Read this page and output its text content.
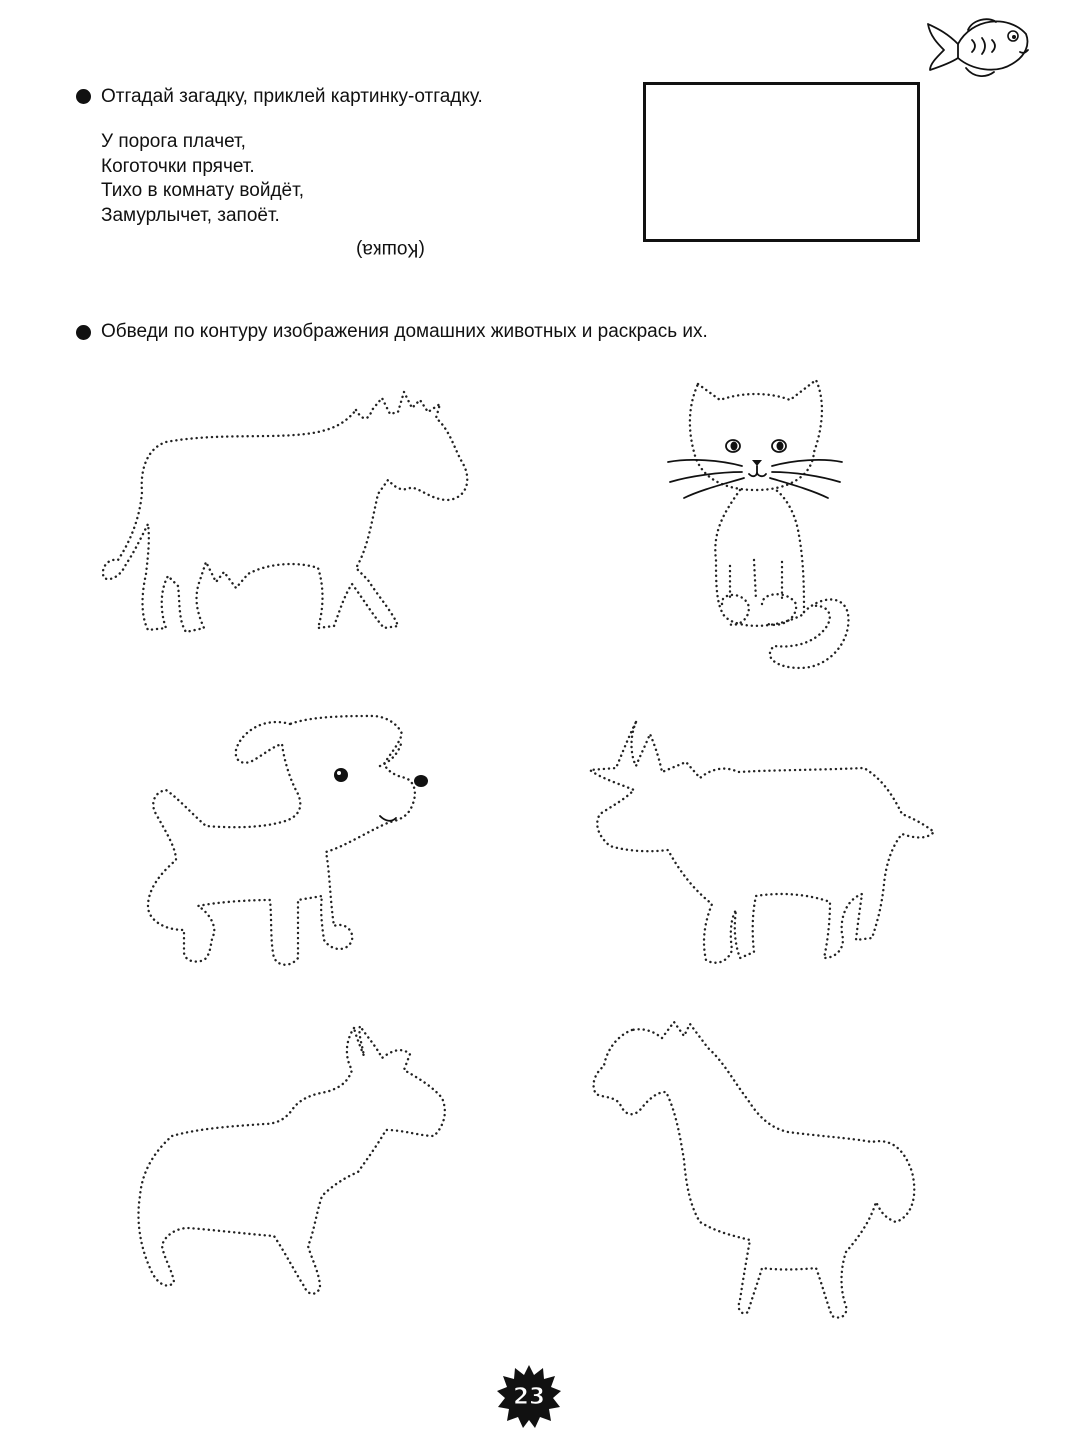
Отгадай загадку, приклей картинку-отгадку.
У порога плачет,
Коготочки прячет.
Тихо в комнату войдёт,
Замурлычет, запоёт.
(Кошка)
Обведи по контуру изображения домашних животных и раскрась их.
23
